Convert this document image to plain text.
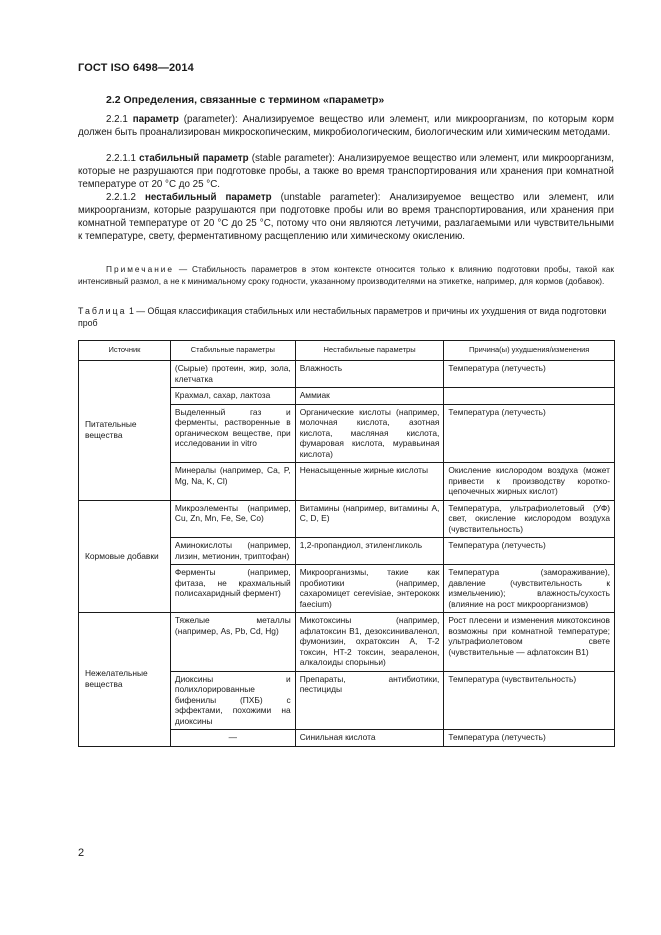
ГОСТ ISO 6498—2014
2.2 Определения, связанные с термином «параметр»
2.2.1 параметр (parameter): Анализируемое вещество или элемент, или микроорганизм, по которым корм должен быть проанализирован микроскопическим, микробиологическим, биологическим или химическим методами.
2.2.1.1 стабильный параметр (stable parameter): Анализируемое вещество или элемент, или микроорганизм, которые не разрушаются при подготовке пробы, а также во время транспортирования или хранения при комнатной температуре от 20 °C до 25 °C.
2.2.1.2 нестабильный параметр (unstable parameter): Анализируемое вещество или элемент, или микроорганизм, которые разрушаются при подготовке пробы или во время транспортирования, или хранения при комнатной температуре от 20 °C до 25 °C, потому что они являются летучими, разлагаемыми или чувствительными к температуре, свету, ферментативному расщеплению или химическому окислению.
Примечание — Стабильность параметров в этом контексте относится только к влиянию подготовки пробы, такой как интенсивный размол, а не к минимальному сроку годности, указанному производителями на этикетке, например, для кормов (добавок).
Таблица 1 — Общая классификация стабильных или нестабильных параметров и причины их ухудшения от вида подготовки проб
Источник	Стабильные параметры	Нестабильные параметры	Причина(ы) ухудшения/изменения
Питательные вещества	(Сырые) протеин, жир, зола, клетчатка	Влажность	Температура (летучесть)
	Крахмал, сахар, лактоза	Аммиак	
	Выделенный газ и ферменты, растворенные в органическом веществе, при исследовании in vitro	Органические кислоты (например, молочная кислота, азотная кислота, масляная кислота, фумаровая кислота, муравьиная кислота)	Температура (летучесть)
	Минералы (например, Ca, P, Mg, Na, K, Cl)	Ненасыщенные жирные кислоты	Окисление кислородом воздуха (может привести к производству короткоцепочечных жирных кислот)
Кормовые добавки	Микроэлементы (например, Cu, Zn, Mn, Fe, Se, Co)	Витамины (например, витамины A, C, D, E)	Температура, ультрафиолетовый (УФ) свет, окисление кислородом воздуха (чувствительность)
	Аминокислоты (например, лизин, метионин, триптофан)	1,2-пропандиол, этиленгликоль	Температура (летучесть)
	Ферменты (например, фитаза, не крахмальный полисахаридный фермент)	Микроорганизмы, такие как пробиотики (например, сахаромицет cerevisiae, энтерококк faecium)	Температура (замораживание), давление (чувствительность к измельчению); влажность/сухость (влияние на рост микроорганизмов)
Нежелательные вещества	Тяжелые металлы (например, As, Pb, Cd, Hg)	Микотоксины (например, афлатоксин B1, дезоксиниваленол, фумонизин, охратоксин A, T-2 токсин, HT-2 токсин, зеараленон, алкалоиды спорыньи)	Рост плесени и изменения микотоксинов возможны при комнатной температуре; ультрафиолетовом свете (чувствительные — афлатоксин B1)
	Диоксины и полихлорированные бифенилы (ПХБ) с эффектами, похожими на диоксины	Препараты, антибиотики, пестициды	Температура (чувствительность)
	—	Синильная кислота	Температура (летучесть)
2
